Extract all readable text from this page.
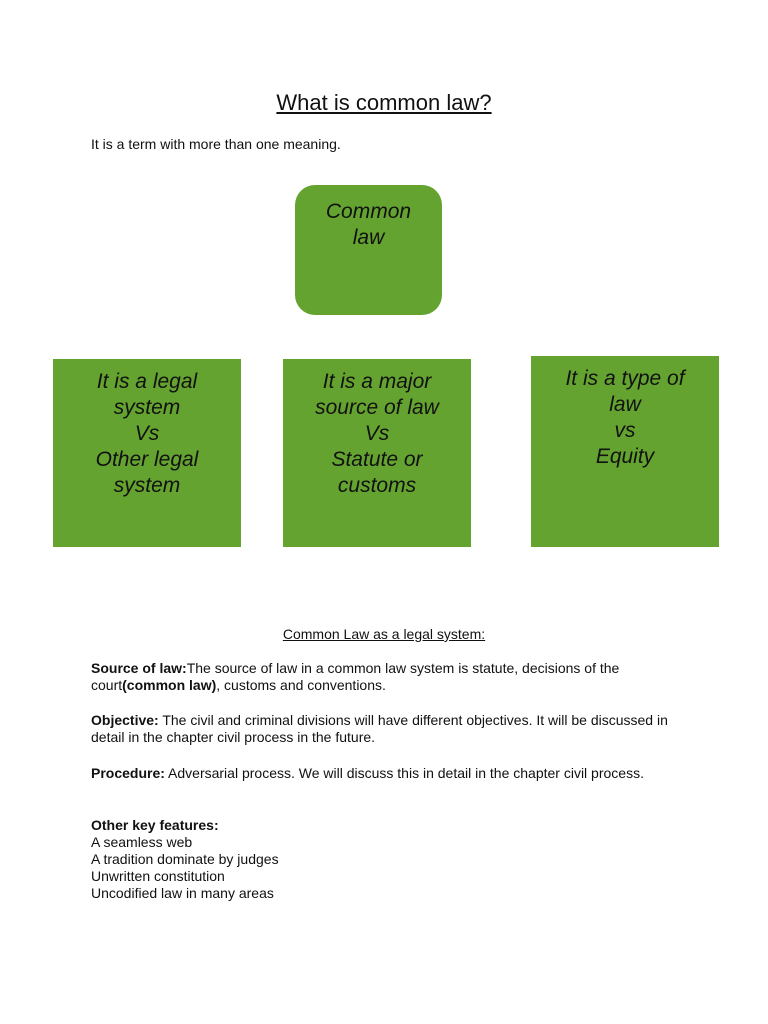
What is common law?
It is a term with more than one meaning.
Common
law
It is a legal
system
Vs
Other legal
system
It is a major
source of law
Vs
Statute or
customs
It is a type of
law
vs
Equity
Common Law as a legal system:
Source of law:The source of law in a common law system is statute, decisions of the court(common law), customs and conventions.
Objective: The civil and criminal divisions will have different objectives. It will be discussed in detail in the chapter civil process in the future.
Procedure: Adversarial process. We will discuss this in detail in the chapter civil process.
Other key features:
A seamless web
A tradition dominate by judges
Unwritten constitution
Uncodified law in many areas
